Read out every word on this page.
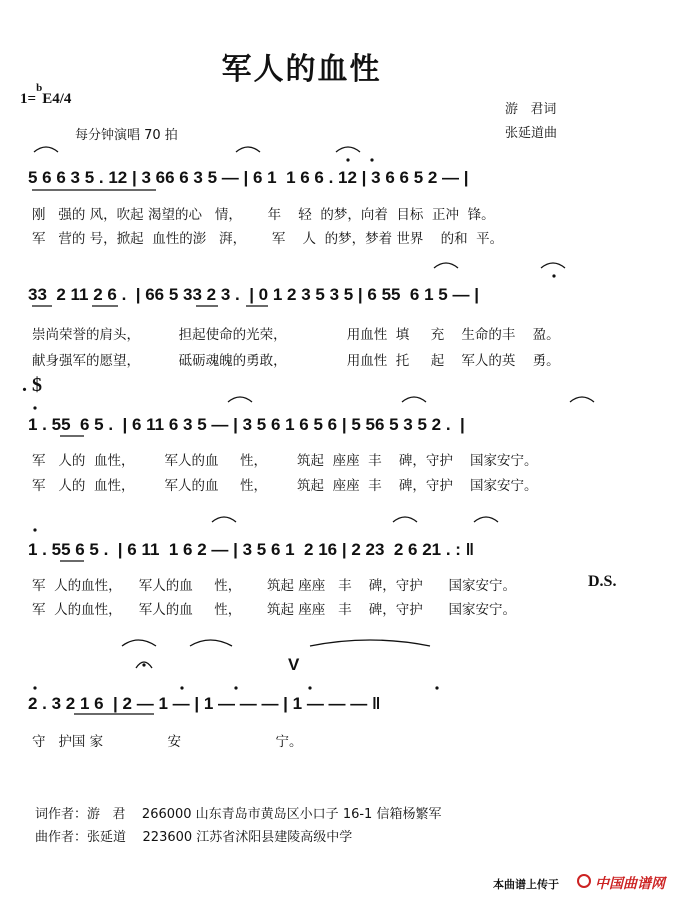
军人的血性
1=$^b$E4/4
每分钟演唱 70 拍
游   君词
张延道曲
5 6 6 3 5 . 12 | 3 66 6 3 5 — | 6 1  1 6 6 . 12 | 3 6 6 5 2 — |
刚   强的 风，吹起 渴望的心   情，      年    轻  的梦，向着  目标  正冲  锋。
军   营的 号，掀起  血性的澎   湃，      军    人  的梦，梦着 世界    的和  平。
33  2 11 2 6 .  | 66 5 33 2 3 .  | 0 1 2 3 5 3 5 | 6 55  6 1 5 — |
崇尚荣誉的肩头，         担起使命的光荣，              用血性  填     充    生命的丰    盈。
献身强军的愿望，         砥砺魂魄的勇敢，              用血性  托     起    军人的英    勇。
. $
1 . 55  6 5 .  | 6 11 6 3 5 — | 3 5 6 1 6 5 6 | 5 56 5 3 5 2 .  |
军   人的  血性，       军人的血     性，       筑起  座座  丰    碑，守护    国家安宁。
军   人的  血性，       军人的血     性，       筑起  座座  丰    碑，守护    国家安宁。
1 . 55 6 5 .  | 6 11  1 6 2 — | 3 5 6 1  2 16 | 2 23  2 6 21 . : ‖
军  人的血性，    军人的血     性，      筑起 座座   丰    碑，守护      国家安宁。	D.S.
军  人的血性，    军人的血     性，      筑起 座座   丰    碑，守护      国家安宁。
V
2 . 3 2 1 6  | 2 — 1 — | 1 — — — | 1 — — — ‖
守   护国 家               安                      宁。
词作者：游   君    266000 山东青岛市黄岛区小口子 16-1 信箱杨繁军
曲作者：张延道    223600 江苏省沭阳县建陵高级中学
本曲谱上传于	中国曲谱网
